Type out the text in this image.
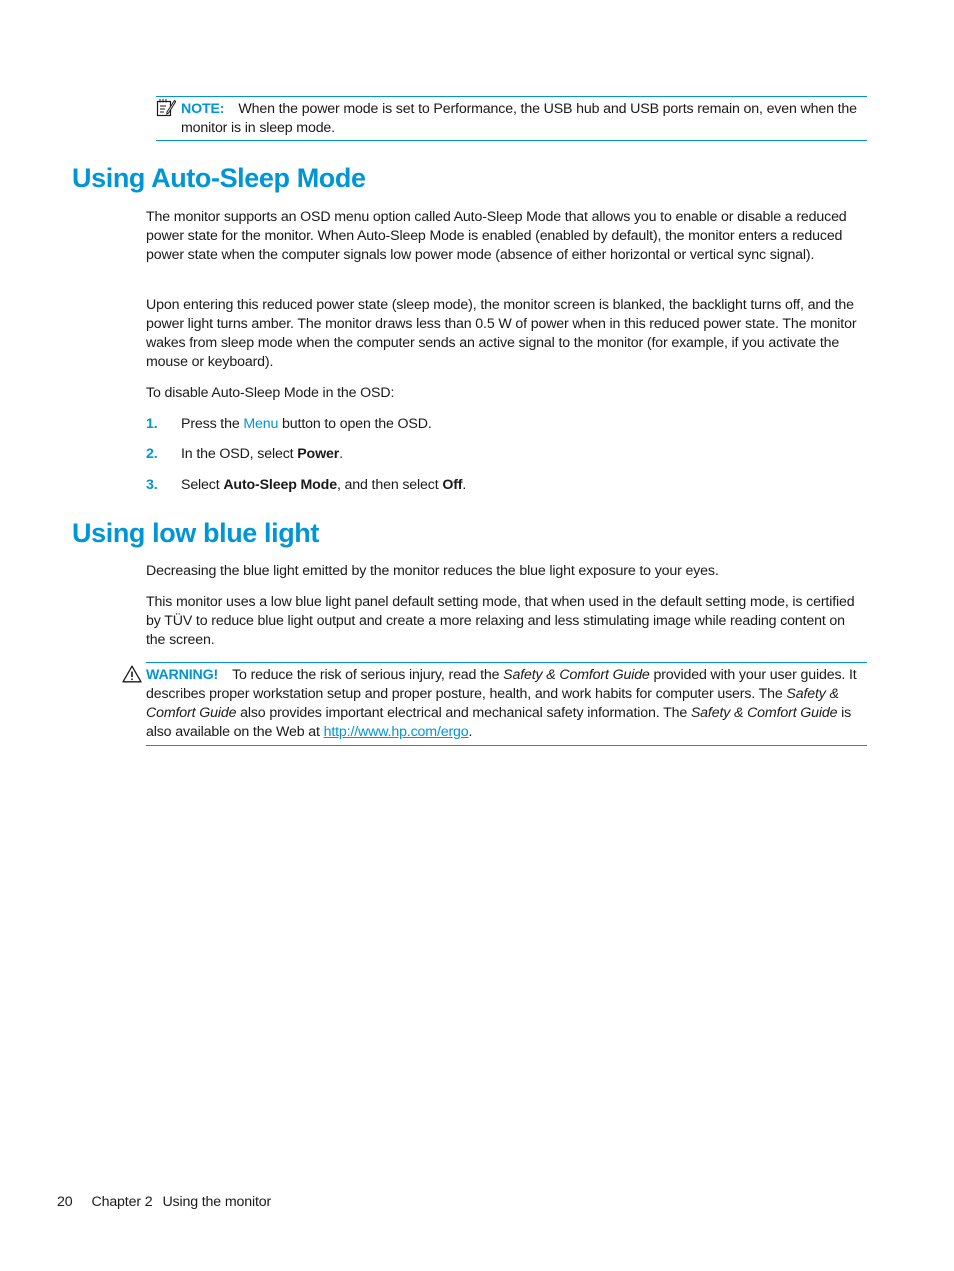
NOTE: When the power mode is set to Performance, the USB hub and USB ports remain on, even when the monitor is in sleep mode.
Using Auto-Sleep Mode

The monitor supports an OSD menu option called Auto-Sleep Mode that allows you to enable or disable a reduced power state for the monitor. When Auto-Sleep Mode is enabled (enabled by default), the monitor enters a reduced power state when the computer signals low power mode (absence of either horizontal or vertical sync signal).

Upon entering this reduced power state (sleep mode), the monitor screen is blanked, the backlight turns off, and the power light turns amber. The monitor draws less than 0.5 W of power when in this reduced power state. The monitor wakes from sleep mode when the computer sends an active signal to the monitor (for example, if you activate the mouse or keyboard).

To disable Auto-Sleep Mode in the OSD:

1. Press the Menu button to open the OSD.
2. In the OSD, select Power.
3. Select Auto-Sleep Mode, and then select Off.
Using low blue light

Decreasing the blue light emitted by the monitor reduces the blue light exposure to your eyes.

This monitor uses a low blue light panel default setting mode, that when used in the default setting mode, is certified by TÜV to reduce blue light output and create a more relaxing and less stimulating image while reading content on the screen.

WARNING! To reduce the risk of serious injury, read the Safety & Comfort Guide provided with your user guides. It describes proper workstation setup and proper posture, health, and work habits for computer users. The Safety & Comfort Guide also provides important electrical and mechanical safety information. The Safety & Comfort Guide is also available on the Web at http://www.hp.com/ergo.
20 Chapter 2 Using the monitor
